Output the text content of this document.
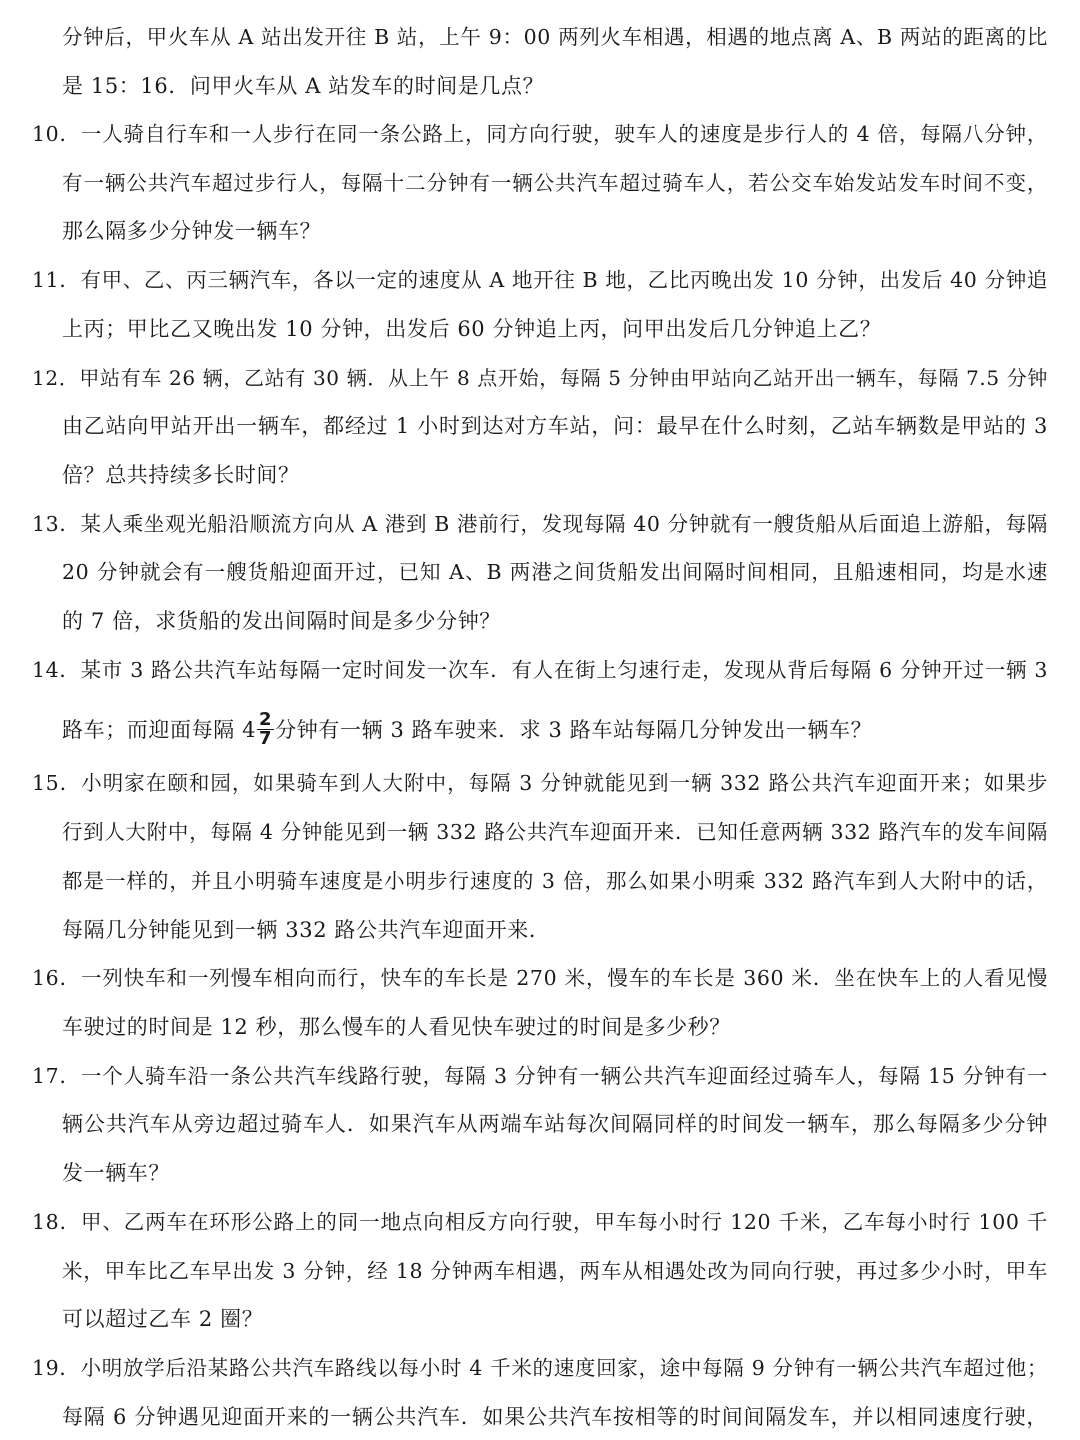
分钟后，甲火车从 A 站出发开往 B 站，上午 9：00 两列火车相遇，相遇的地点离 A、B 两站的距离的比
是 15：16．问甲火车从 A 站发车的时间是几点？
10．一人骑自行车和一人步行在同一条公路上，同方向行驶，驶车人的速度是步行人的 4 倍，每隔八分钟，
有一辆公共汽车超过步行人，每隔十二分钟有一辆公共汽车超过骑车人，若公交车始发站发车时间不变，
那么隔多少分钟发一辆车？
11．有甲、乙、丙三辆汽车，各以一定的速度从 A 地开往 B 地，乙比丙晚出发 10 分钟，出发后 40 分钟追
上丙；甲比乙又晚出发 10 分钟，出发后 60 分钟追上丙，问甲出发后几分钟追上乙？
12．甲站有车 26 辆，乙站有 30 辆．从上午 8 点开始，每隔 5 分钟由甲站向乙站开出一辆车，每隔 7.5 分钟
由乙站向甲站开出一辆车，都经过 1 小时到达对方车站，问：最早在什么时刻，乙站车辆数是甲站的 3
倍？总共持续多长时间？
13．某人乘坐观光船沿顺流方向从 A 港到 B 港前行，发现每隔 40 分钟就有一艘货船从后面追上游船，每隔
20 分钟就会有一艘货船迎面开过，已知 A、B 两港之间货船发出间隔时间相同，且船速相同，均是水速
的 7 倍，求货船的发出间隔时间是多少分钟？
14．某市 3 路公共汽车站每隔一定时间发一次车．有人在街上匀速行走，发现从背后每隔 6 分钟开过一辆 3
路车；而迎面每隔 $4 \frac{2}{7}$ 分钟有一辆 3 路车驶来．求 3 路车站每隔几分钟发出一辆车？
15．小明家在颐和园，如果骑车到人大附中，每隔 3 分钟就能见到一辆 332 路公共汽车迎面开来；如果步
行到人大附中，每隔 4 分钟能见到一辆 332 路公共汽车迎面开来．已知任意两辆 332 路汽车的发车间隔
都是一样的，并且小明骑车速度是小明步行速度的 3 倍，那么如果小明乘 332 路汽车到人大附中的话，
每隔几分钟能见到一辆 332 路公共汽车迎面开来．
16．一列快车和一列慢车相向而行，快车的车长是 270 米，慢车的车长是 360 米．坐在快车上的人看见慢
车驶过的时间是 12 秒，那么慢车的人看见快车驶过的时间是多少秒？
17．一个人骑车沿一条公共汽车线路行驶，每隔 3 分钟有一辆公共汽车迎面经过骑车人，每隔 15 分钟有一
辆公共汽车从旁边超过骑车人．如果汽车从两端车站每次间隔同样的时间发一辆车，那么每隔多少分钟
发一辆车？
18．甲、乙两车在环形公路上的同一地点向相反方向行驶，甲车每小时行 120 千米，乙车每小时行 100 千
米，甲车比乙车早出发 3 分钟，经 18 分钟两车相遇，两车从相遇处改为同向行驶，再过多少小时，甲车
可以超过乙车 2 圈？
19．小明放学后沿某路公共汽车路线以每小时 4 千米的速度回家，途中每隔 9 分钟有一辆公共汽车超过他；
每隔 6 分钟遇见迎面开来的一辆公共汽车．如果公共汽车按相等的时间间隔发车，并以相同速度行驶，
